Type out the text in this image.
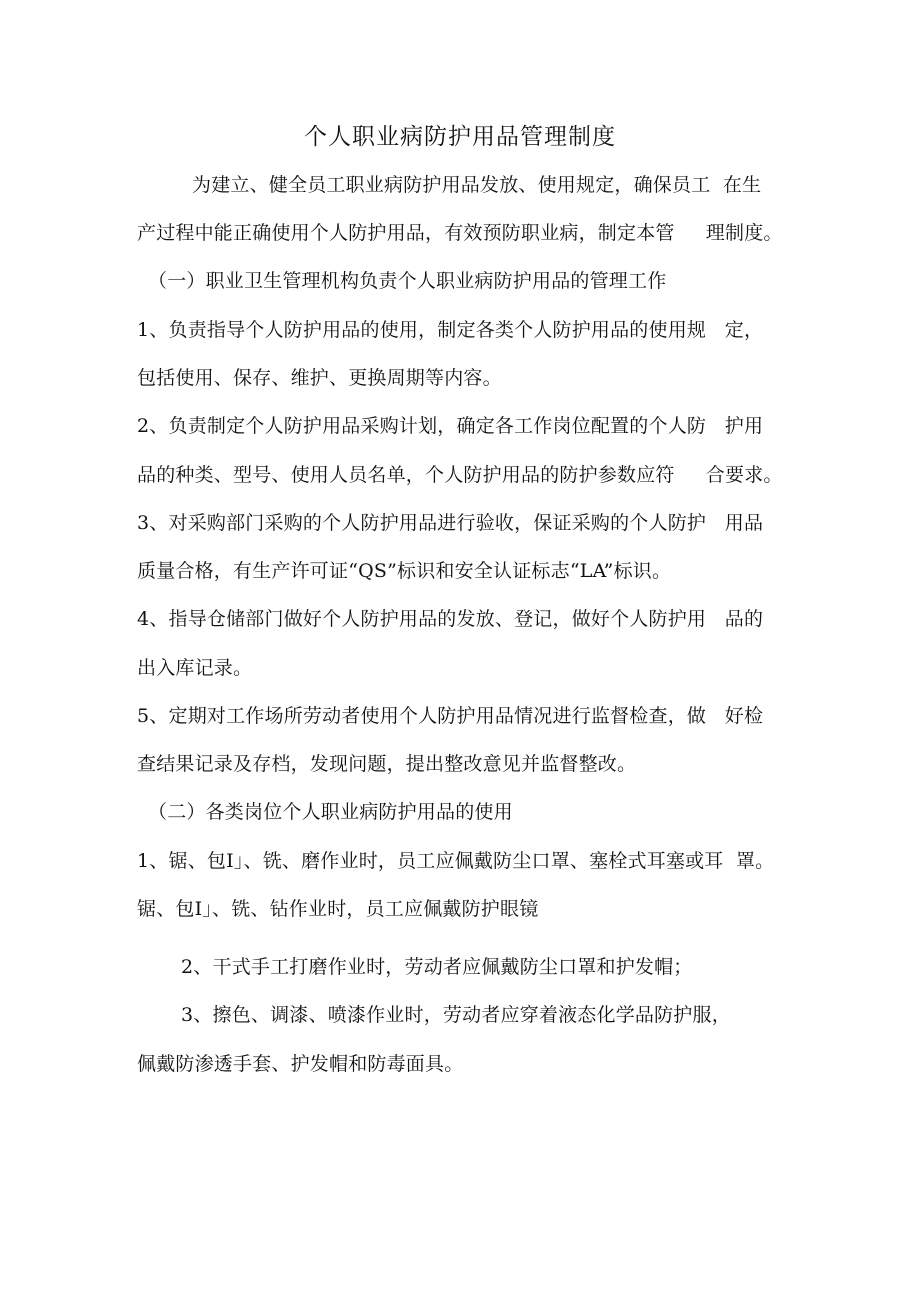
个人职业病防护用品管理制度
为建立、健全员工职业病防护用品发放、使用规定，确保员工  在生
产过程中能正确使用个人防护用品，有效预防职业病，制定本管     理制度。
（一）职业卫生管理机构负责个人职业病防护用品的管理工作
1、负责指导个人防护用品的使用，制定各类个人防护用品的使用规   定，
包括使用、保存、维护、更换周期等内容。
2、负责制定个人防护用品采购计划，确定各工作岗位配置的个人防   护用
品的种类、型号、使用人员名单，个人防护用品的防护参数应符     合要求。
3、对采购部门采购的个人防护用品进行验收，保证采购的个人防护   用品
质量合格，有生产许可证“QS”标识和安全认证标志“LA”标识。
4、指导仓储部门做好个人防护用品的发放、登记，做好个人防护用   品的
出入库记录。
5、定期对工作场所劳动者使用个人防护用品情况进行监督检查，做   好检
查结果记录及存档，发现问题，提出整改意见并监督整改。
（二）各类岗位个人职业病防护用品的使用
1、锯、包I」、铣、磨作业时，员工应佩戴防尘口罩、塞栓式耳塞或耳  罩。
锯、包I」、铣、钻作业时，员工应佩戴防护眼镜
2、干式手工打磨作业时，劳动者应佩戴防尘口罩和护发帽；
3、擦色、调漆、喷漆作业时，劳动者应穿着液态化学品防护服，
佩戴防渗透手套、护发帽和防毒面具。
